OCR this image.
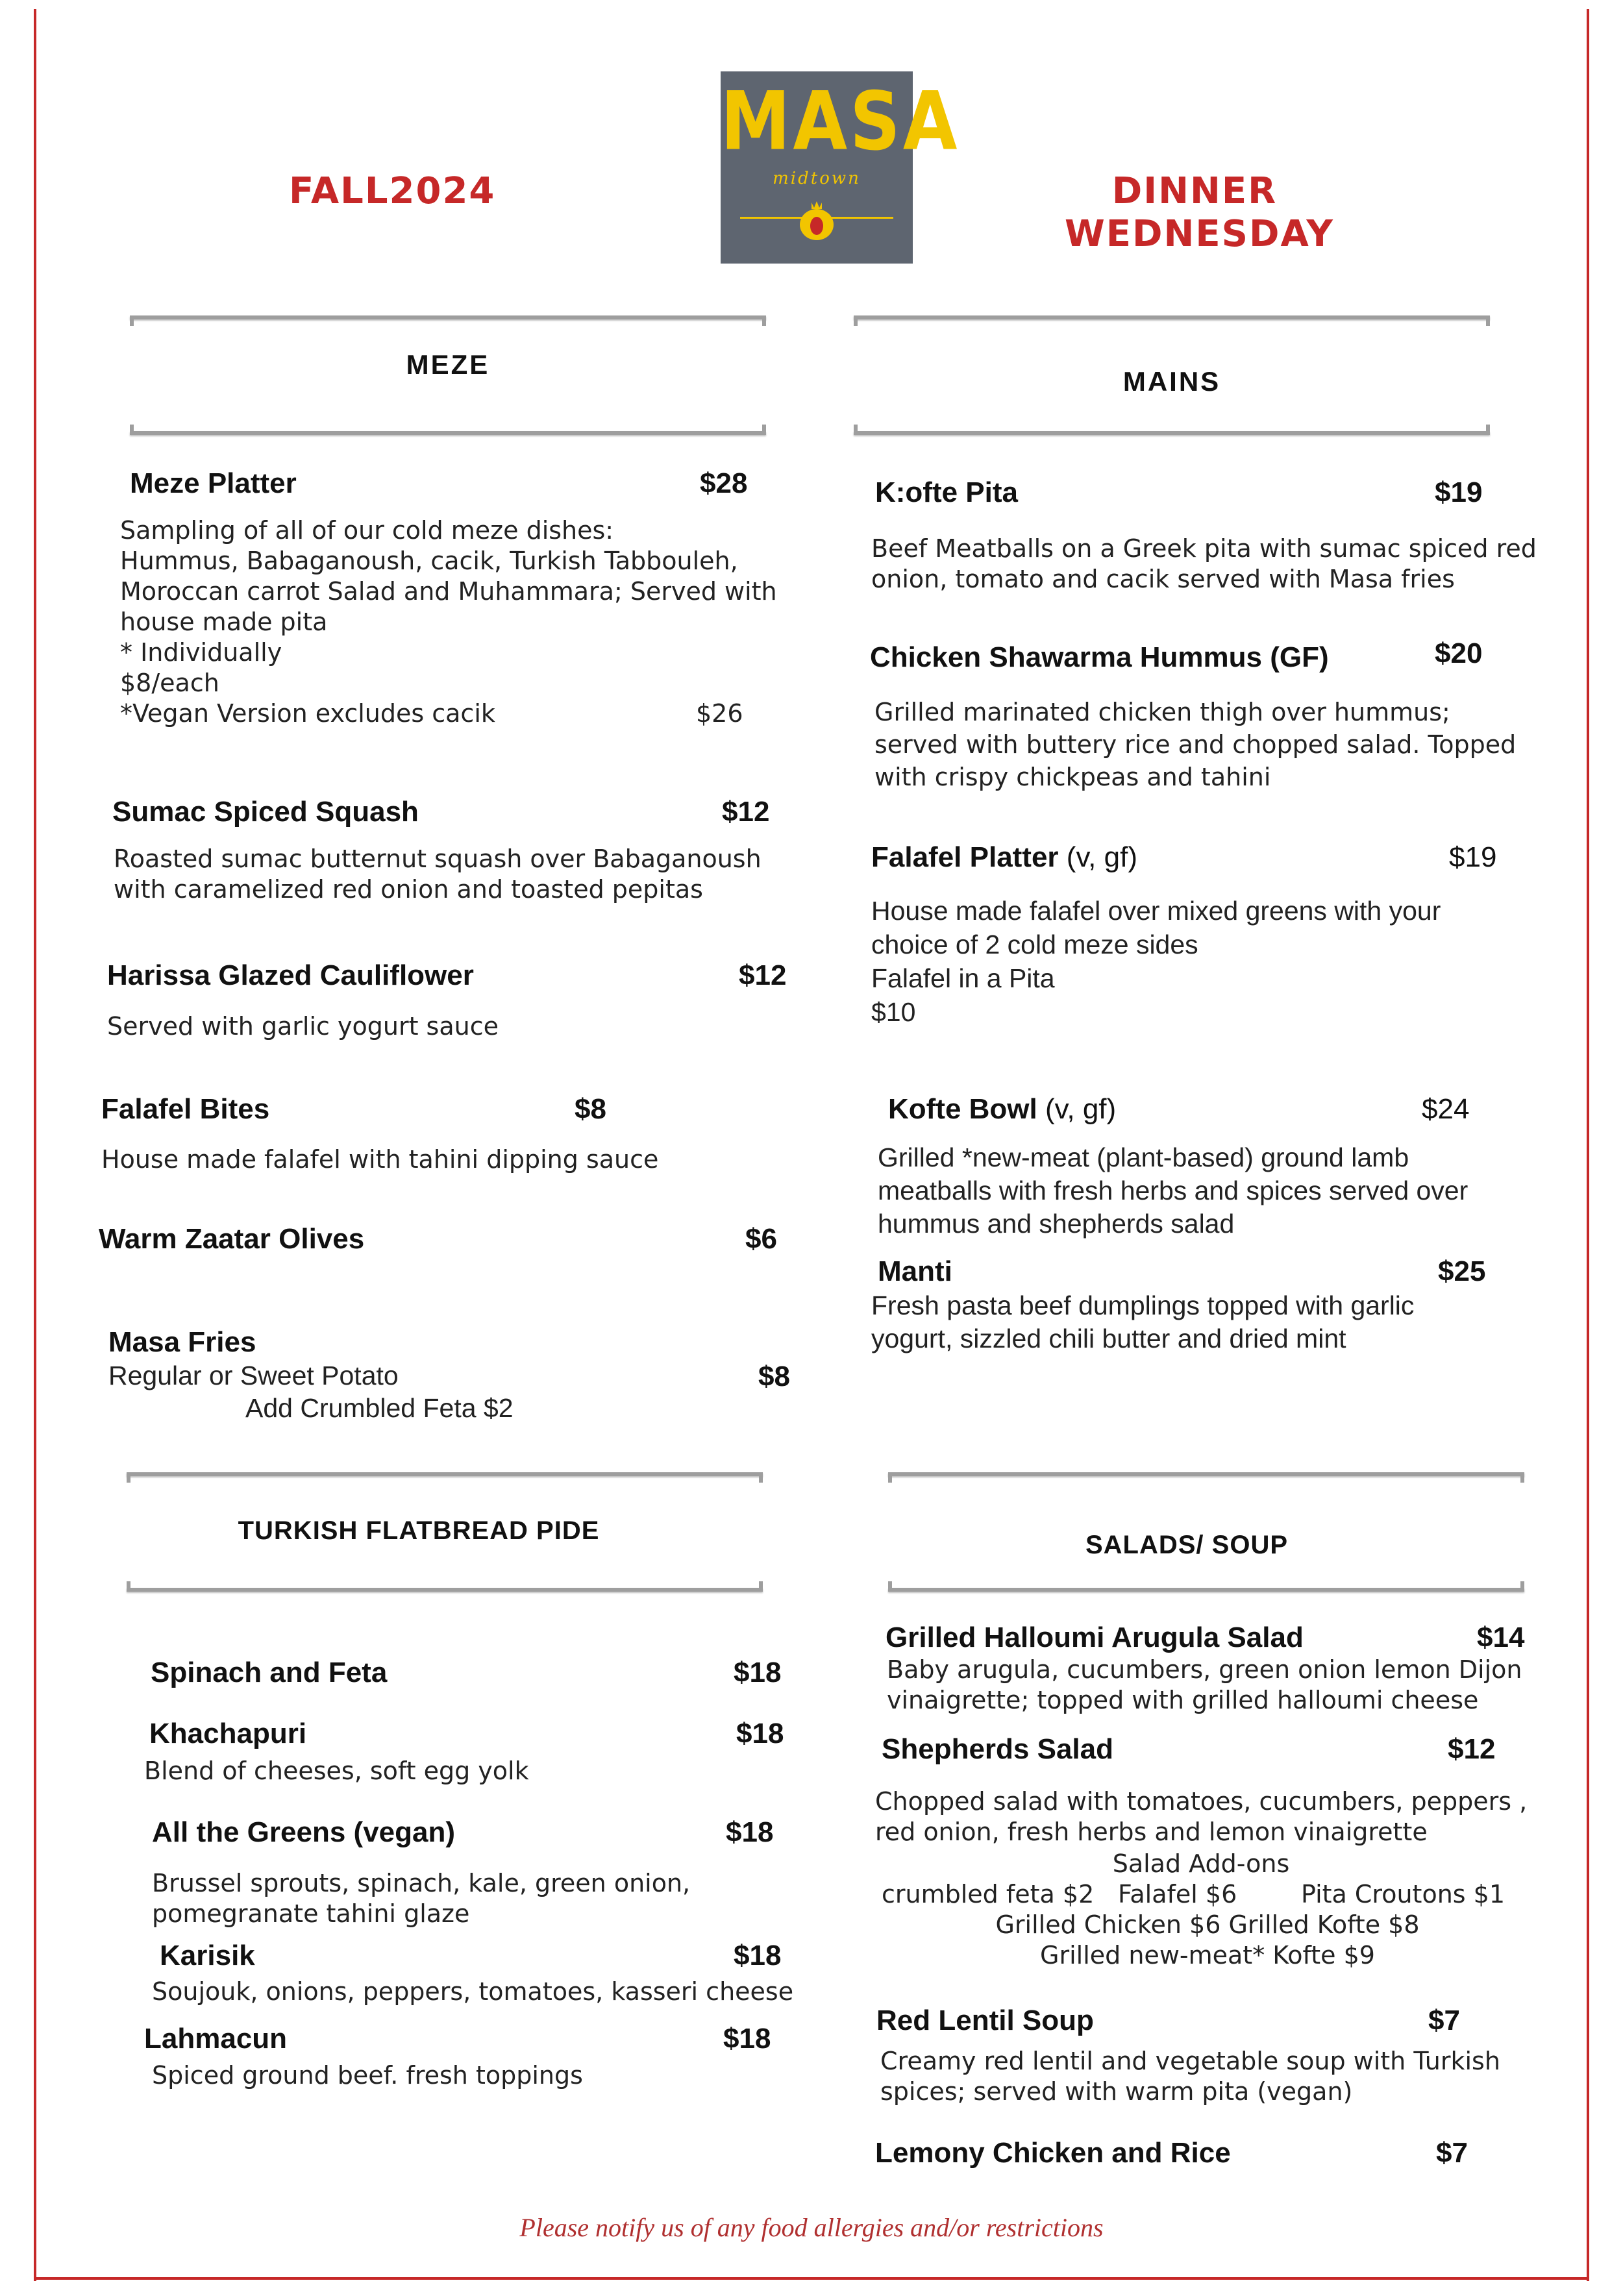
FALL2024	DINNER
WEDNESDAY
MASA
midtown
MEZE
MAINS
TURKISH FLATBREAD PIDE	SALADS/ SOUP
Meze Platter	$28
Sampling of all of our cold meze dishes:
Hummus, Babaganoush, cacik, Turkish Tabbouleh,
Moroccan carrot Salad and Muhammara; Served with
house made pita
* Individually
$8/each
*Vegan Version excludes cacik	$26
Sumac Spiced Squash	$12
Roasted sumac butternut squash over Babaganoush
with caramelized red onion and toasted pepitas
Harissa Glazed Cauliflower	$12
Served with garlic yogurt sauce
Falafel Bites	$8
House made falafel with tahini dipping sauce
Warm Zaatar Olives	$6
Masa Fries
Regular or Sweet Potato	$8
Add Crumbled Feta $2
K:ofte Pita	$19
Beef Meatballs on a Greek pita with sumac spiced red
onion, tomato and cacik served with Masa fries
Chicken Shawarma Hummus (GF)	$20
Grilled marinated chicken thigh over hummus;
served with buttery rice and chopped salad. Topped
with crispy chickpeas and tahini
Falafel Platter (v, gf)	$19
House made falafel over mixed greens with your
choice of 2 cold meze sides
Falafel in a Pita
$10
Kofte Bowl (v, gf)	$24
Grilled *new-meat (plant-based) ground lamb
meatballs with fresh herbs and spices served over
hummus and shepherds salad
Manti	$25
Fresh pasta beef dumplings topped with garlic
yogurt, sizzled chili butter and dried mint
Spinach and Feta	$18
Khachapuri	$18
Blend of cheeses, soft egg yolk
All the Greens (vegan)	$18
Brussel sprouts, spinach, kale, green onion,
pomegranate tahini glaze
Karisik	$18
Soujouk, onions, peppers, tomatoes, kasseri cheese
Lahmacun	$18
Spiced ground beef. fresh toppings
Grilled Halloumi Arugula Salad	$14
Baby arugula, cucumbers, green onion lemon Dijon
vinaigrette; topped with grilled halloumi cheese
Shepherds Salad	$12
Chopped salad with tomatoes, cucumbers, peppers ,
red onion, fresh herbs and lemon vinaigrette
Salad Add-ons
crumbled feta $2 Falafel $6	Pita Croutons $1
Grilled Chicken $6 Grilled Kofte $8
Grilled new-meat* Kofte $9
Red Lentil Soup	$7
Creamy red lentil and vegetable soup with Turkish
spices; served with warm pita (vegan)
Lemony Chicken and Rice	$7
Please notify us of any food allergies and/or restrictions
